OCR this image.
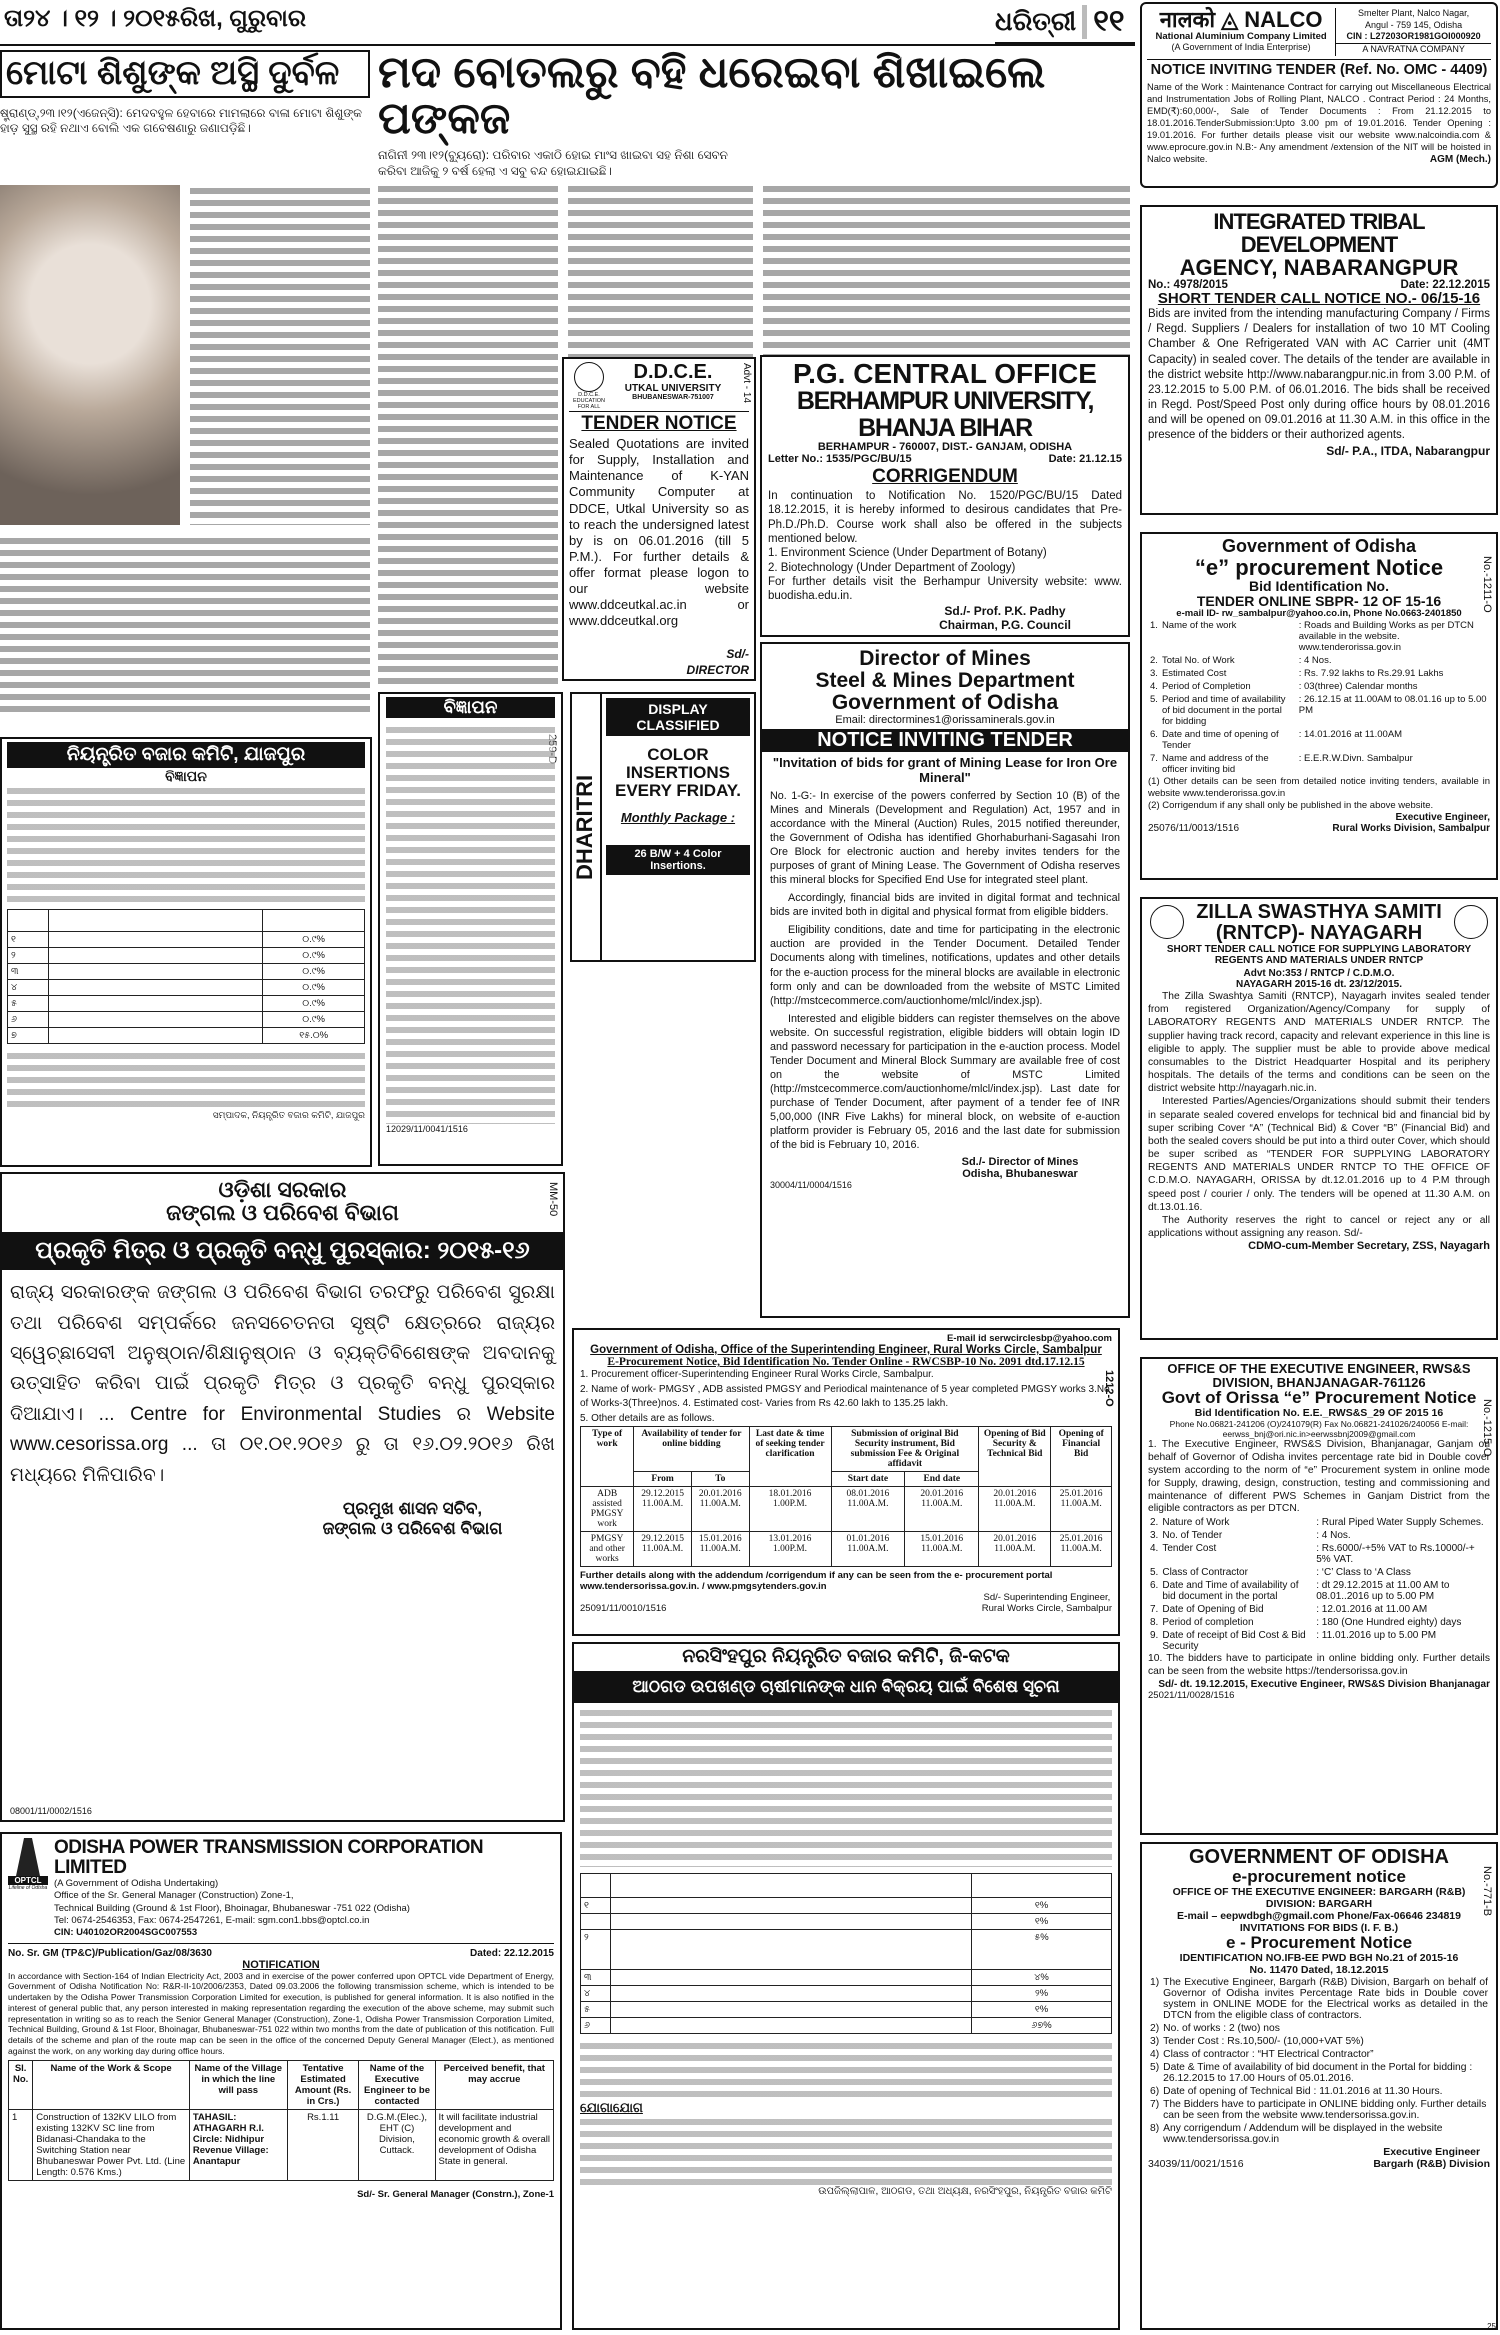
ତା୨୪ । ୧୨ । ୨୦୧୫ରିଖ, ଗୁରୁବାର	ଧରିତ୍ରୀ ୧୧	नालको ◬ NALCO
National Aluminium Company Limited
(A Government of India Enterprise)
Smelter Plant, Nalco Nagar,
Angul - 759 145, Odisha
CIN : L27203OR1981GOI000920
A NAVRATNA COMPANY
NOTICE INVITING TENDER (Ref. No. OMC - 4409)
Name of the Work : Maintenance Contract for carrying out Miscellaneous Electrical and Instrumentation Jobs of Rolling Plant, NALCO . Contract Period : 24 Months, EMD(₹):60,000/-, Sale of Tender Documents : From 21.12.2015 to 18.01.2016.TenderSubmission:Upto 3.00 pm of 19.01.2016. Tender Opening : 19.01.2016. For further details please visit our website www.nalcoindia.com & www.eprocure.gov.in N.B:- Any amendment /extension of the NIT will be hoisted in Nalco website.	AGM (Mech.)
ମୋଟା ଶିଶୁଙ୍କ ଅସ୍ଥି ଦୁର୍ବଳ

ଷ୍ଟ୍ରାଣ୍ଡ୍,୨୩।୧୨(ଏଜେନ୍ସି): ମେଦବହୁଳ ହେବାରେ ମାମଲାରେ ବାଳା ମୋଟା ଶିଶୁଙ୍କ ହାଡ଼ ସୁସ୍ଥ ରହି ନଥାଏ ବୋଲି ଏକ ଗବେଷଣାରୁ ଜଣାପଡ଼ିଛି।

ମଦ ବୋତଲରୁ ବହି ଧରେଇବା ଶିଖାଇଲେ ପଙ୍କଜ

ନାଗିନୀ ୨୩।୧୨(ବ୍ୟୁରୋ): ପରିବାର ଏକାଠି ହୋଇ ମାଂସ ଖାଇବା ସହ ନିଶା ସେବନ କରିବା ଆଜିକୁ ୨ ବର୍ଷ ହେଲା ଏ ସବୁ ବନ୍ଦ ହୋଇଯାଇଛି।

D.D.C.E. EDUCATION FOR ALL
D.D.C.E.
UTKAL UNIVERSITY
BHUBANESWAR-751007	Advt - 14
TENDER NOTICE
Sealed Quotations are invited for Supply, Installation and Maintenance of K-YAN Community Computer at DDCE, Utkal University so as to reach the undersigned latest by is on 06.01.2016 (till 5 P.M.). For further details & offer format please logon to our website www.ddceutkal.ac.in or www.ddceutkal.org
Sd/-
DIRECTOR
P.G. CENTRAL OFFICE
BERHAMPUR UNIVERSITY, BHANJA BIHAR
BERHAMPUR - 760007, DIST.- GANJAM, ODISHA
Letter No.: 1535/PGC/BU/15	Date: 21.12.15
CORRIGENDUM
In continuation to Notification No. 1520/PGC/BU/15 Dated 18.12.2015, it is hereby informed to desirous candidates that Pre-Ph.D./Ph.D. Course work shall also be offered in the subjects mentioned below.
1. Environment Science (Under Department of Botany)
2. Biotechnology (Under Department of Zoology)
For further details visit the Berhampur University website: www. buodisha.edu.in.
Sd./- Prof. P.K. Padhy
Chairman, P.G. Council
INTEGRATED TRIBAL DEVELOPMENT
AGENCY, NABARANGPUR
No.: 4978/2015	Date: 22.12.2015
SHORT TENDER CALL NOTICE NO.- 06/15-16
Bids are invited from the intending manufacturing Company / Firms / Regd. Suppliers / Dealers for installation of two 10 MT Cooling Chamber & One Refrigerated VAN with AC Carrier unit (4MT Capacity) in sealed cover. The details of the tender are available in the district website http://www.nabarangpur.nic.in from 3.00 P.M. of 23.12.2015 to 5.00 P.M. of 06.01.2016. The bids shall be received in Regd. Post/Speed Post only during office hours by 08.01.2016 and will be opened on 09.01.2016 at 11.30 A.M. in this office in the presence of the bidders or their authorized agents.
Sd/- P.A., ITDA, Nabarangpur
No.-1211-O
Government of Odisha
“e” procurement Notice
Bid Identification No.
TENDER ONLINE SBPR- 12 OF 15-16
e-mail ID- rw_sambalpur@yahoo.co.in, Phone No.0663-2401850
1.	Name of the work	: Roads and Building Works as per DTCN available in the website. www.tenderorissa.gov.in
2.	Total No. of Work	: 4 Nos.
3.	Estimated Cost	: Rs. 7.92 lakhs to Rs.29.91 Lakhs
4.	Period of Completion	: 03(three) Calendar months
5.	Period and time of availability of bid document in the portal for bidding	: 26.12.15 at 11.00AM to 08.01.16 up to 5.00 PM
6.	Date and time of opening of Tender	: 14.01.2016 at 11.00AM
7.	Name and address of the officer inviting bid	: E.E.R.W.Divn. Sambalpur
(1) Other details can be seen from detailed notice inviting tenders, available in website www.tenderorissa.gov.in
(2) Corrigendum if any shall only be published in the above website.
25076/11/0013/1516
Executive Engineer,
Rural Works Division, Sambalpur
ZILLA SWASTHYA SAMITI
(RNTCP)- NAYAGARH
SHORT TENDER CALL NOTICE FOR SUPPLYING LABORATORY REGENTS AND MATERIALS UNDER RNTCP
Advt No:353 / RNTCP / C.D.M.O.
NAYAGARH 2015-16 dt. 23/12/2015.
The Zilla Swashtya Samiti (RNTCP), Nayagarh invites sealed tender from registered Organization/Agency/Company for supply of LABORATORY REGENTS AND MATERIALS UNDER RNTCP. The supplier having track record, capacity and relevant experience in this line is eligible to apply. The supplier must be able to provide above medical consumables to the District Headquarter Hospital and its periphery hospitals. The details of the terms and conditions can be seen on the district website http://nayagarh.nic.in.
Interested Parties/Agencies/Organizations should submit their tenders in separate sealed covered envelops for technical bid and financial bid by super scribing Cover “A” (Technical Bid) & Cover “B” (Financial Bid) and both the sealed covers should be put into a third outer Cover, which should be super scribed as “TENDER FOR SUPPLYING LABORATORY REGENTS AND MATERIALS UNDER RNTCP TO THE OFFICE OF C.D.M.O. NAYAGARH, ORISSA by dt.12.01.2016 up to 4 P.M through speed post / courier / only. The tenders will be opened at 11.30 A.M. on dt.13.01.16.
The Authority reserves the right to cancel or reject any or all applications without assigning any reason. Sd/-
CDMO-cum-Member Secretary, ZSS, Nayagarh
No.-1215-O
OFFICE OF THE EXECUTIVE ENGINEER, RWS&S DIVISION, BHANJANAGAR-761126
Govt of Orissa “e” Procurement Notice
Bid Identification No. E.E._RWS&S_29 OF 2015 16
Phone No.06821-241206 (O)/241079(R) Fax No.06821-241026/240056 E-mail: eerwss_bnj@ori.nic.in>eerwssbnj2009@gmail.com
1. The Executive Engineer, RWS&S Division, Bhanjanagar, Ganjam on behalf of Governor of Odisha invites percentage rate bid in Double cover system according to the norm of “e” Procurement system in online mode for Supply, drawing, design, construction, testing and commissioning and maintenance of different PWS Schemes in Ganjam District from the eligible contractors as per DTCN.
2.	Nature of Work	: Rural Piped Water Supply Schemes.
3.	No. of Tender	: 4 Nos.
4.	Tender Cost	: Rs.6000/-+5% VAT to Rs.10000/-+ 5% VAT.
5.	Class of Contractor	: ‘C’ Class to ‘A Class
6.	Date and Time of availability of bid document in the portal	: dt 29.12.2015 at 11.00 AM to 08.01..2016 up to 5.00 PM
7.	Date of Opening of Bid	: 12.01.2016 at 11.00 AM
8.	Period of completion	: 180 (One Hundred eighty) days
9.	Date of receipt of Bid Cost & Bid Security	: 11.01.2016 up to 5.00 PM
10. The bidders have to participate in online bidding only. Further details can be seen from the website https://tendersorissa.gov.in
Sd/- dt. 19.12.2015, Executive Engineer, RWS&S Division Bhanjanagar
25021/11/0028/1516
No.-771-B
GOVERNMENT OF ODISHA
e-procurement notice
OFFICE OF THE EXECUTIVE ENGINEER: BARGARH (R&B) DIVISION: BARGARH
E-mail – eepwdbgh@gmail.com Phone/Fax-06646 234819
INVITATIONS FOR BIDS (I. F. B.)
e - Procurement Notice
IDENTIFICATION NO.IFB-EE PWD BGH No.21 of 2015-16
No. 11470 Dated, 18.12.2015
1)	The Executive Engineer, Bargarh (R&B) Division, Bargarh on behalf of Governor of Odisha invites Percentage Rate bids in Double cover system in ONLINE MODE for the Electrical works as detailed in the DTCN from the eligible class of contractors.
2)	No. of works : 2 (two) nos
3)	Tender Cost : Rs.10,500/- (10,000+VAT 5%)
4)	Class of contractor : “HT Electrical Contractor”
5)	Date & Time of availability of bid document in the Portal for bidding : 26.12.2015 to 17.00 Hours of 05.01.2016.
6)	Date of opening of Technical Bid : 11.01.2016 at 11.30 Hours.
7)	The Bidders have to participate in ONLINE bidding only. Further details can be seen from the website www.tendersorissa.gov.in.
8)	Any corrigendum / Addendum will be displayed in the website www.tendersorissa.gov.in
34039/11/0021/1516
Executive Engineer
Bargarh (R&B) Division
ନିୟନ୍ତ୍ରିତ ବଜାର କମିଟି, ଯାଜପୁର
ବିଜ୍ଞାପନ

୧		୦.୯%
୨		୦.୯%
୩		୦.୯%
୪		୦.୯%
୫		୦.୯%
୬		୦.୯%
୭		୧୫.୦%
ସମ୍ପାଦକ, ନିୟନ୍ତ୍ରିତ ବଜାର କମିଟି, ଯାଜପୁର
ବିଜ୍ଞାପନ
12029/11/0041/1516
DHARITRI
DISPLAY CLASSIFIED
COLOR INSERTIONS EVERY FRIDAY.
Monthly Package :
26 B/W + 4 Color Insertions.
Director of Mines
Steel & Mines Department
Government of Odisha
Email: directormines1@orissaminerals.gov.in
NOTICE INVITING TENDER
"Invitation of bids for grant of Mining Lease for Iron Ore Mineral"
No. 1-G:- In exercise of the powers conferred by Section 10 (B) of the Mines and Minerals (Development and Regulation) Act, 1957 and in accordance with the Mineral (Auction) Rules, 2015 notified thereunder, the Government of Odisha has identified Ghorhaburhani-Sagasahi Iron Ore Block for electronic auction and hereby invites tenders for the purposes of grant of Mining Lease. The Government of Odisha reserves this mineral blocks for Specified End Use for integrated steel plant.
Accordingly, financial bids are invited in digital format and technical bids are invited both in digital and physical format from eligible bidders.
Eligibility conditions, date and time for participating in the electronic auction are provided in the Tender Document. Detailed Tender Documents along with timelines, notifications, updates and other details for the e-auction process for the mineral blocks are available in electronic form only and can be downloaded from the website of MSTC Limited (http://mstcecommerce.com/auctionhome/mlcl/index.jsp).
Interested and eligible bidders can register themselves on the above website. On successful registration, eligible bidders will obtain login ID and password necessary for participation in the e-auction process. Model Tender Document and Mineral Block Summary are available free of cost on the website of MSTC Limited (http://mstcecommerce.com/auctionhome/mlcl/index.jsp). Last date for purchase of Tender Document, after payment of a tender fee of INR 5,00,000 (INR Five Lakhs) for mineral block, on website of e-auction platform provider is February 05, 2016 and the last date for submission of the bid is February 10, 2016.
Sd./- Director of Mines
Odisha, Bhubaneswar
30004/11/0004/1516
MM-50
ଓଡ଼ିଶା ସରକାର
ଜଙ୍ଗଲ ଓ ପରିବେଶ ବିଭାଗ
ପ୍ରକୃତି ମିତ୍ର ଓ ପ୍ରକୃତି ବନ୍ଧୁ ପୁରସ୍କାର: ୨୦୧୫-୧୬
ରାଜ୍ୟ ସରକାରଙ୍କ ଜଙ୍ଗଲ ଓ ପରିବେଶ ବିଭାଗ ତରଫରୁ ପରିବେଶ ସୁରକ୍ଷା ତଥା ପରିବେଶ ସମ୍ପର୍କରେ ଜନସଚେତନତା ସୃଷ୍ଟି କ୍ଷେତ୍ରରେ ରାଜ୍ୟର ସ୍ୱେଚ୍ଛାସେବୀ ଅନୁଷ୍ଠାନ/ଶିକ୍ଷାନୁଷ୍ଠାନ ଓ ବ୍ୟକ୍ତିବିଶେଷଙ୍କ ଅବଦାନକୁ ଉତ୍ସାହିତ କରିବା ପାଇଁ ପ୍ରକୃତି ମିତ୍ର ଓ ପ୍ରକୃତି ବନ୍ଧୁ ପୁରସ୍କାର ଦିଆଯାଏ। ... Centre for Environmental Studies ର Website www.cesorissa.org ... ତା ୦୧.୦୧.୨୦୧୬ ରୁ ତା ୧୬.୦୨.୨୦୧୬ ରିଖ ମଧ୍ୟରେ ମିଳିପାରିବ।
ପ୍ରମୁଖ ଶାସନ ସଚିବ,
ଜଙ୍ଗଲ ଓ ପରିବେଶ ବିଭାଗ
08001/11/0002/1516
1212-O
E-mail id serwcirclesbp@yahoo.com
Government of Odisha, Office of the Superintending Engineer, Rural Works Circle, Sambalpur
E-Procurement Notice, Bid Identification No. Tender Online - RWCSBP-10 No. 2091 dtd.17.12.15
1. Procurement officer-Superintending Engineer Rural Works Circle, Sambalpur.
2. Name of work- PMGSY , ADB assisted PMGSY and Periodical maintenance of 5 year completed PMGSY works 3.No of Works-3(Three)nos. 4. Estimated cost- Varies from Rs 42.60 lakh to 135.25 lakh.
5. Other details are as follows.
Type of work	Availability of tender for online bidding		Last date & time of seeking tender clarification	Submission of original Bid Security instrument, Bid submission Fee & Original affidavit		Opening of Bid Security & Technical Bid	Opening of Financial Bid
	From	To		Start date	End date		
ADB assisted PMGSY work	29.12.2015 11.00A.M.	20.01.2016 11.00A.M.	18.01.2016 1.00P.M.	08.01.2016 11.00A.M.	20.01.2016 11.00A.M.	20.01.2016 11.00A.M.	25.01.2016 11.00A.M.
PMGSY and other works	29.12.2015 11.00A.M.	15.01.2016 11.00A.M.	13.01.2016 1.00P.M.	01.01.2016 11.00A.M.	15.01.2016 11.00A.M.	20.01.2016 11.00A.M.	25.01.2016 11.00A.M.
Further details along with the addendum /corrigendum if any can be seen from the e- procurement portal www.tendersorissa.gov.in. / www.pmgsytenders.gov.in
25091/11/0010/1516
Sd/- Superintending Engineer,
Rural Works Circle, Sambalpur
ନରସିଂହପୁର ନିୟନ୍ତ୍ରିତ ବଜାର କମିଟି, ଜି-କଟକ
ଆଠଗଡ ଉପଖଣ୍ଡ ଚାଷୀମାନଙ୍କ ଧାନ ବିକ୍ରୟ ପାଇଁ ବିଶେଷ ସୂଚନା

୧		୧%
		୧%
୨		୫%
୩		୪%
୪		୨%
୫		୧%
୬		୬୭%
ଯୋଗାଯୋଗ
ଉପଜିଲ୍ଲାପାଳ, ଆଠଗଡ, ତଥା ଅଧ୍ୟକ୍ଷ, ନରସିଂହପୁର, ନିୟନ୍ତ୍ରିତ ବଜାର କମିଟି
OPTCL
Lifeline of Odisha
ODISHA POWER TRANSMISSION CORPORATION LIMITED
(A Government of Odisha Undertaking)
Office of the Sr. General Manager (Construction) Zone-1,
Technical Building (Ground & 1st Floor), Bhoinagar, Bhubaneswar -751 022 (Odisha)
Tel: 0674-2546353, Fax: 0674-2547261, E-mail: sgm.con1.bbs@optcl.co.in
CIN: U40102OR2004SGC007553
No. Sr. GM (TP&C)/Publication/Gaz/08/3630	Dated: 22.12.2015
NOTIFICATION
In accordance with Section-164 of Indian Electricity Act, 2003 and in exercise of the power conferred upon OPTCL vide Department of Energy, Government of Odisha Notification No: R&R-II-10/2006/2353, Dated 09.03.2006 the following transmission scheme, which is intended to be undertaken by the Odisha Power Transmission Corporation Limited for execution, is published for general information. It is also notified in the interest of general public that, any person interested in making representation regarding the execution of the above scheme, may submit such representation in writing so as to reach the Senior General Manager (Construction), Zone-1, Odisha Power Transmission Corporation Limited, Technical Building, Ground & 1st Floor, Bhoinagar, Bhubaneswar-751 022 within two months from the date of publication of this notification. Full details of the scheme and plan of the route map can be seen in the office of the concerned Deputy General Manager (Elect.), as mentioned against the work, on any working day during office hours.
Sl. No.	Name of the Work & Scope	Name of the Village in which the line will pass	Tentative Estimated Amount (Rs. in Crs.)	Name of the Executive Engineer to be contacted	Perceived benefit, that may accrue
1	Construction of 132KV LILO from existing 132KV SC line from Bidanasi-Chandaka to the Switching Station near Bhubaneswar Power Pvt. Ltd. (Line Length: 0.576 Kms.)	TAHASIL: ATHAGARH R.I. Circle: Nidhipur Revenue Village: Anantapur	Rs.1.11	D.G.M.(Elec.), EHT (C) Division, Cuttack.	It will facilitate industrial development and economic growth & overall development of Odisha State in general.
Sd/- Sr. General Manager (Constrn.), Zone-1
25
